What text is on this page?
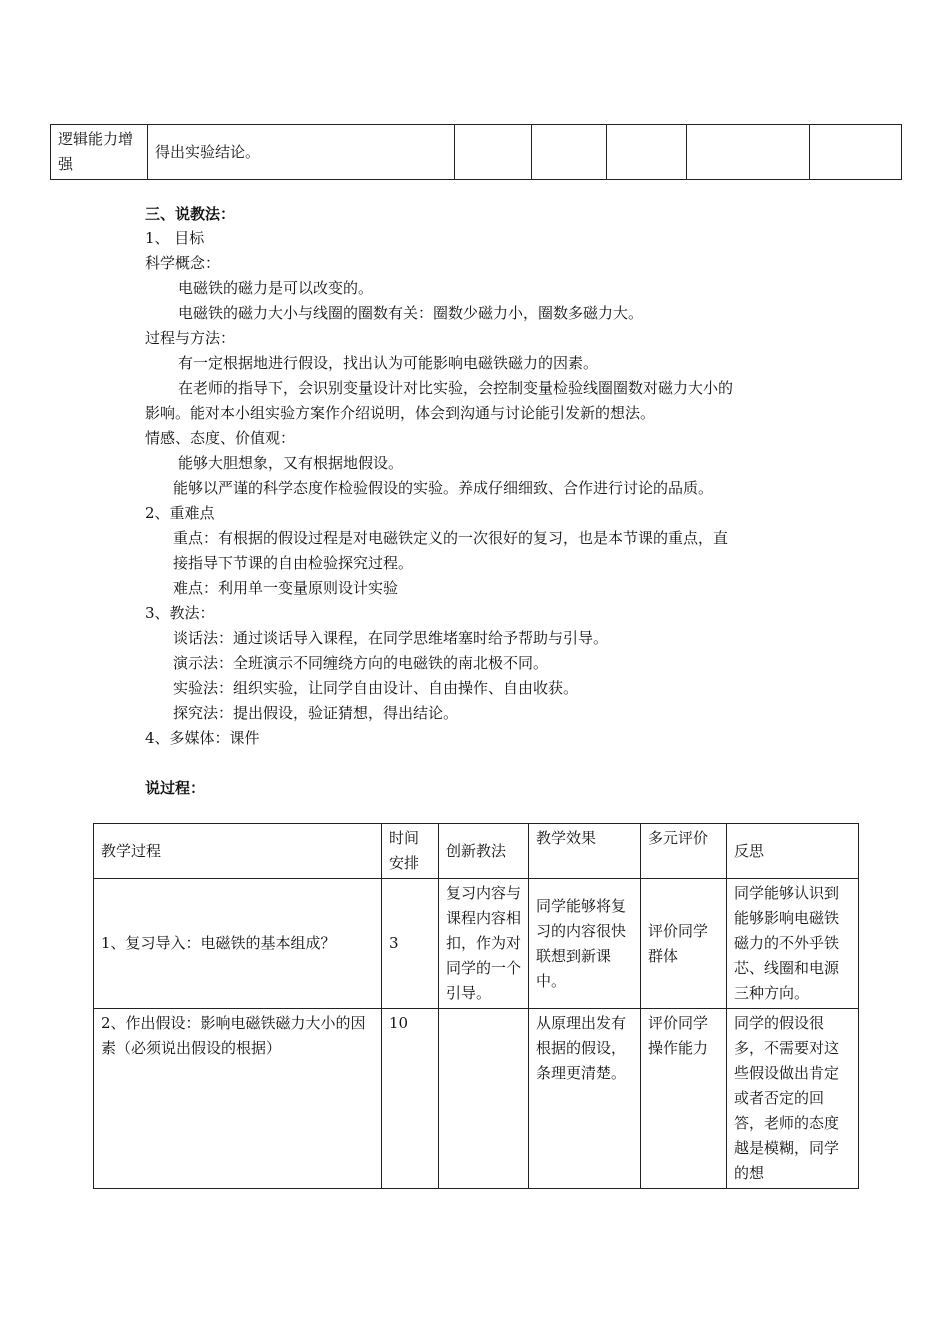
逻辑能力增强	得出实验结论。					
三、说教法：
1、 目标
科学概念：
电磁铁的磁力是可以改变的。
电磁铁的磁力大小与线圈的圈数有关：圈数少磁力小，圈数多磁力大。
过程与方法：
有一定根据地进行假设，找出认为可能影响电磁铁磁力的因素。
在老师的指导下，会识别变量设计对比实验，会控制变量检验线圈圈数对磁力大小的
影响。能对本小组实验方案作介绍说明，体会到沟通与讨论能引发新的想法。
情感、态度、价值观：
能够大胆想象，又有根据地假设。
能够以严谨的科学态度作检验假设的实验。养成仔细细致、合作进行讨论的品质。
2、重难点
重点：有根据的假设过程是对电磁铁定义的一次很好的复习，也是本节课的重点，直
接指导下节课的自由检验探究过程。
难点：利用单一变量原则设计实验
3、教法：
谈话法：通过谈话导入课程，在同学思维堵塞时给予帮助与引导。
演示法：全班演示不同缠绕方向的电磁铁的南北极不同。
实验法：组织实验，让同学自由设计、自由操作、自由收获。
探究法：提出假设，验证猜想，得出结论。
4、多媒体：课件
说过程：
教学过程	时间安排	创新教法	教学效果	多元评价	反思
1、复习导入：电磁铁的基本组成？	3	复习内容与课程内容相扣，作为对同学的一个引导。	同学能够将复习的内容很快联想到新课中。	评价同学群体	同学能够认识到能够影响电磁铁磁力的不外乎铁芯、线圈和电源三种方向。
2、作出假设：影响电磁铁磁力大小的因素（必须说出假设的根据）	10		从原理出发有根据的假设，条理更清楚。	评价同学操作能力	同学的假设很多，不需要对这些假设做出肯定或者否定的回答，老师的态度越是模糊，同学的想
